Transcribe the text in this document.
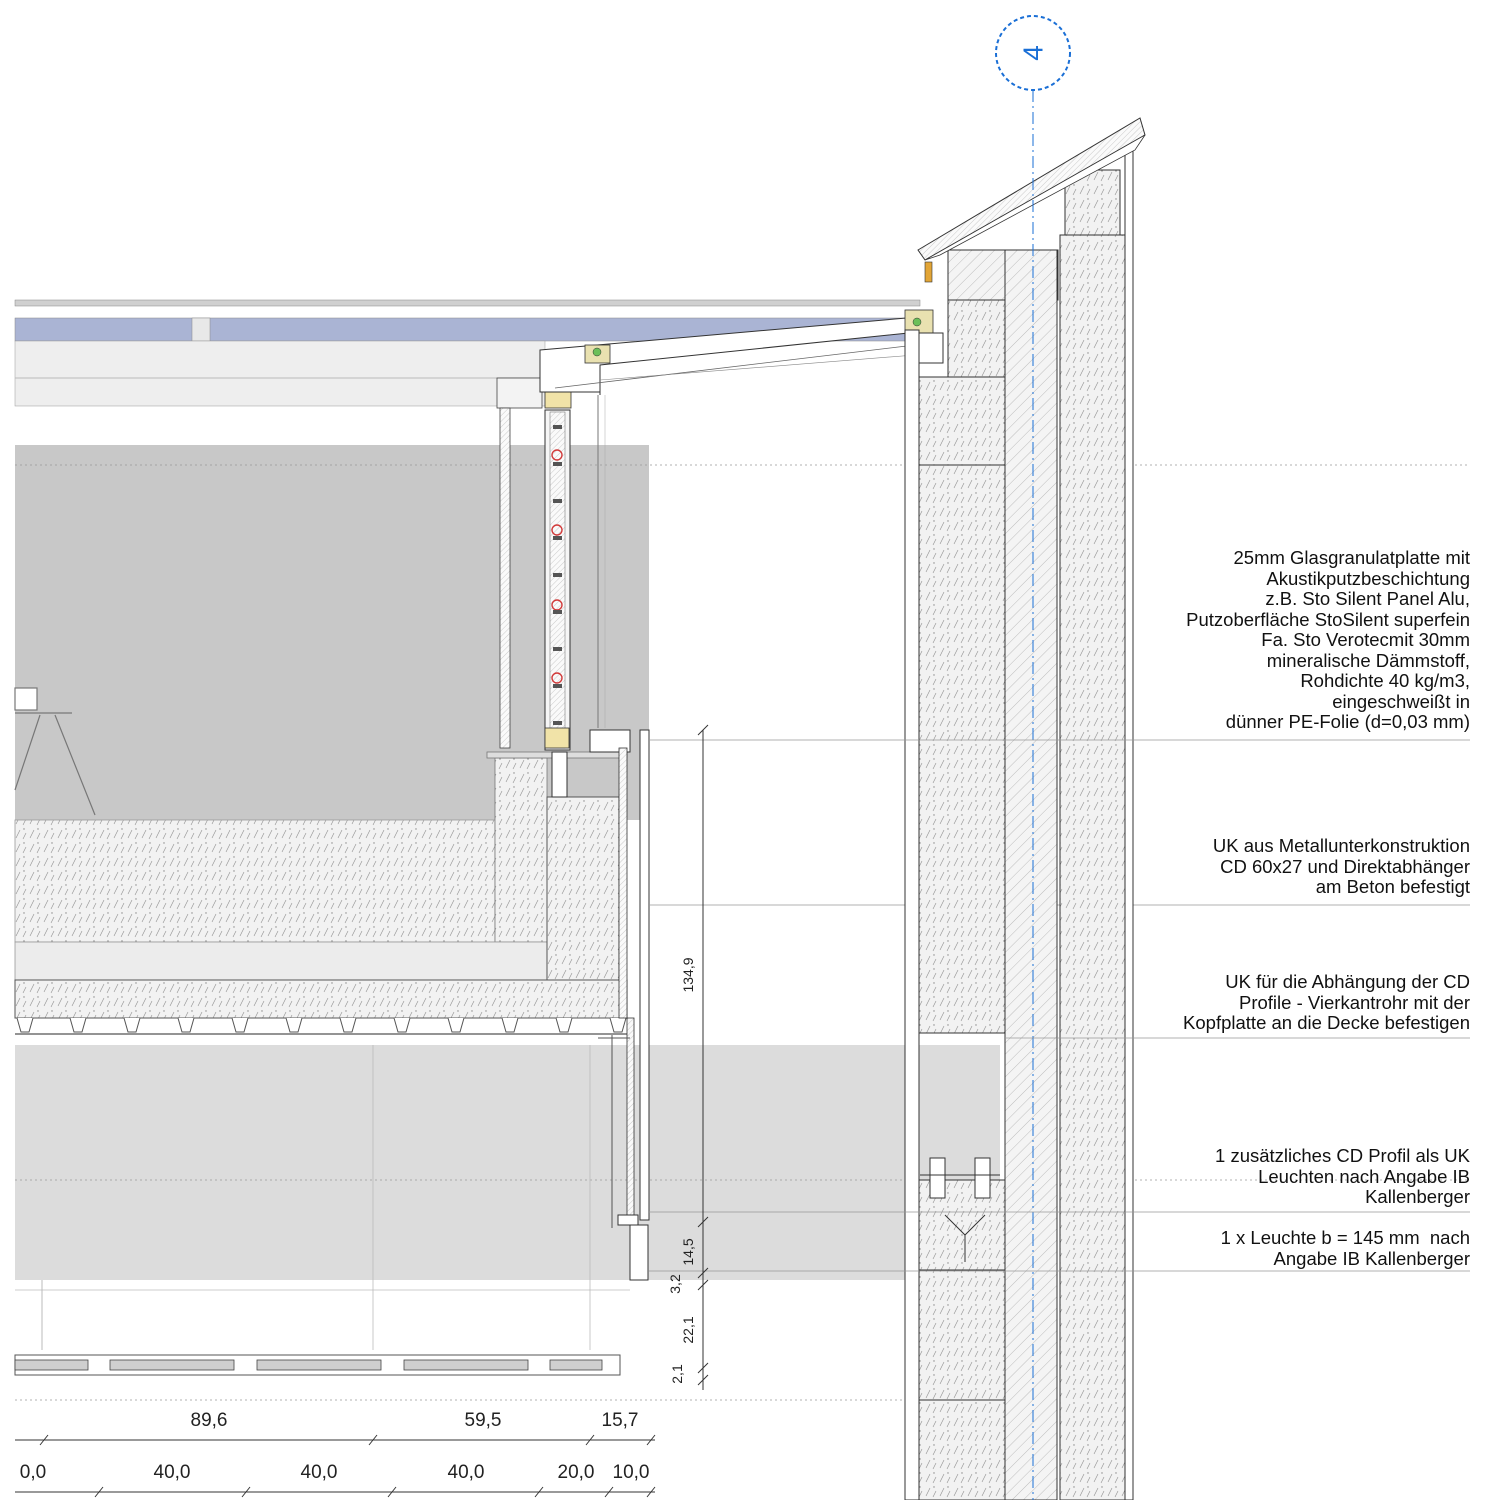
4
134,9
14,5
3,2
22,1
2,1
89,6	59,5	15,7
0,0	40,0	40,0	40,0	20,0 10,0
25mm Glasgranulatplatte mit
Akustikputzbeschichtung
z.B. Sto Silent Panel Alu,
Putzoberfläche StoSilent superfein
Fa. Sto Verotecmit 30mm
mineralische Dämmstoff,
Rohdichte 40 kg/m3,
eingeschweißt in
dünner PE-Folie (d=0,03 mm)
UK aus Metallunterkonstruktion
CD 60x27 und Direktabhänger
am Beton befestigt
UK für die Abhängung der CD
Profile - Vierkantrohr mit der
Kopfplatte an die Decke befestigen
1 zusätzliches CD Profil als UK
Leuchten nach Angabe IB
Kallenberger
1 x Leuchte b = 145 mm  nach
Angabe IB Kallenberger
